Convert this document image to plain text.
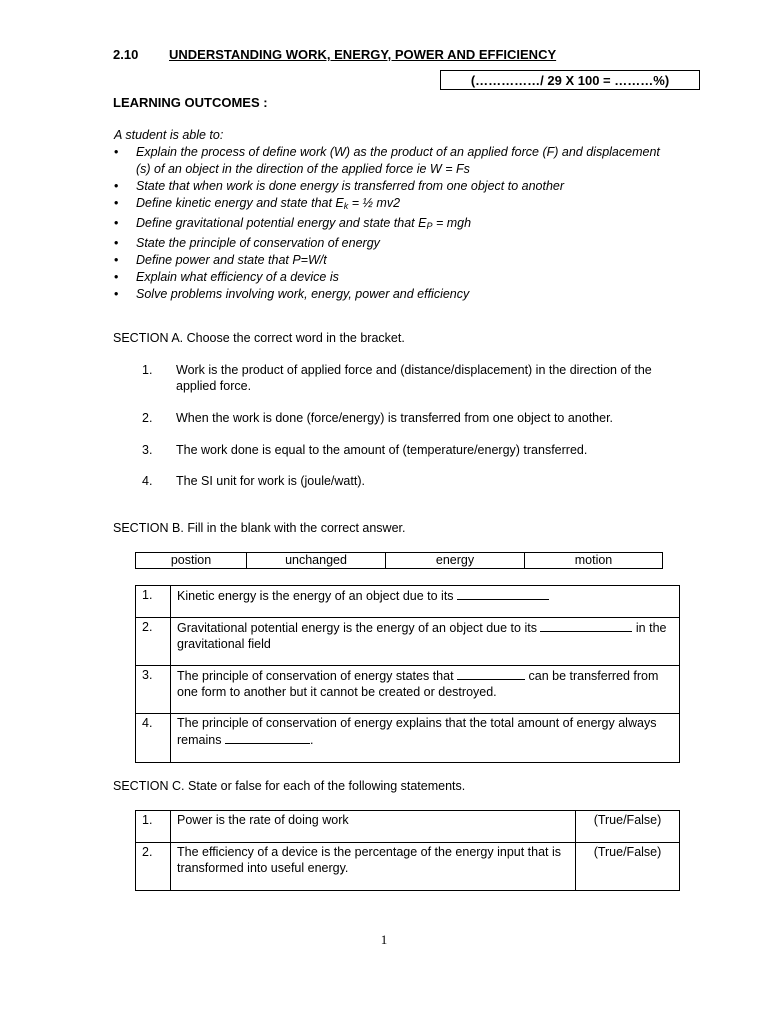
2.10 UNDERSTANDING WORK, ENERGY, POWER AND EFFICIENCY
(……………/ 29 X 100 = ………%)
LEARNING OUTCOMES :
A student is able to:
• Explain the process of define work (W) as the product of an applied force (F) and displacement (s) of an object in the direction of the applied force ie W = Fs
• State that when work is done energy is transferred from one object to another
• Define kinetic energy and state that $E_k$ = ½ mv2
• Define gravitational potential energy and state that $E_P$ = mgh
• State the principle of conservation of energy
• Define power and state that P=W/t
• Explain what efficiency of a device is
• Solve problems involving work, energy, power and efficiency
SECTION A. Choose the correct word in the bracket.
1.	Work is the product of applied force and (distance/displacement) in the direction of the applied force.
2.	When the work is done (force/energy) is transferred from one object to another.
3.	The work done is equal to the amount of (temperature/energy) transferred.
4.	The SI unit for work is (joule/watt).
SECTION B. Fill in the blank with the correct answer.
postion	unchanged	energy	motion
1.	Kinetic energy is the energy of an object due to its
2.	Gravitational potential energy is the energy of an object due to its in the gravitational field
3.	The principle of conservation of energy states that can be transferred from one form to another but it cannot be created or destroyed.
4.	The principle of conservation of energy explains that the total amount of energy always remains .
SECTION C. State or false for each of the following statements.
1.	Power is the rate of doing work	(True/False)
2.	The efficiency of a device is the percentage of the energy input that is transformed into useful energy.	(True/False)
1
